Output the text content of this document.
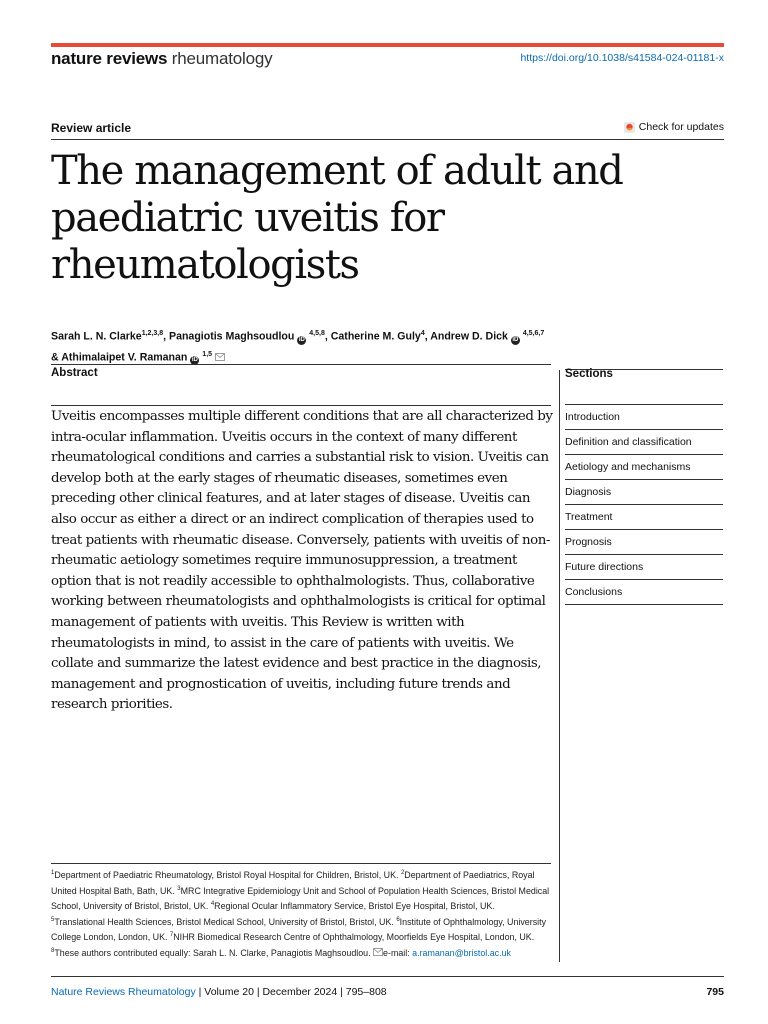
nature reviews rheumatology	https://doi.org/10.1038/s41584-024-01181-x
Review article	Check for updates
The management of adult and paediatric uveitis for rheumatologists
Sarah L. N. Clarke$^{1,2,3,8}$, Panagiotis Maghsoudlou iD $^{4,5,8}$, Catherine M. Guly$^4$, Andrew D. Dick iD $^{4,5,6,7}$
& Athimalaipet V. Ramanan iD $^{1,5}$
Abstract

Uveitis encompasses multiple different conditions that are all characterized by intra-ocular inflammation. Uveitis occurs in the context of many different rheumatological conditions and carries a substantial risk to vision. Uveitis can develop both at the early stages of rheumatic diseases, sometimes even preceding other clinical features, and at later stages of disease. Uveitis can also occur as either a direct or an indirect complication of therapies used to treat patients with rheumatic disease. Conversely, patients with uveitis of non-rheumatic aetiology sometimes require immunosuppression, a treatment option that is not readily accessible to ophthalmologists. Thus, collaborative working between rheumatologists and ophthalmologists is critical for optimal management of patients with uveitis. This Review is written with rheumatologists in mind, to assist in the care of patients with uveitis. We collate and summarize the latest evidence and best practice in the diagnosis, management and prognostication of uveitis, including future trends and research priorities.

Sections
Introduction
Definition and classification
Aetiology and mechanisms
Diagnosis
Treatment
Prognosis
Future directions
Conclusions

$^1$Department of Paediatric Rheumatology, Bristol Royal Hospital for Children, Bristol, UK. $^2$Department of Paediatrics, Royal United Hospital Bath, Bath, UK. $^3$MRC Integrative Epidemiology Unit and School of Population Health Sciences, Bristol Medical School, University of Bristol, Bristol, UK. $^4$Regional Ocular Inflammatory Service, Bristol Eye Hospital, Bristol, UK. $^5$Translational Health Sciences, Bristol Medical School, University of Bristol, Bristol, UK. $^6$Institute of Ophthalmology, University College London, London, UK. $^7$NIHR Biomedical Research Centre of Ophthalmology, Moorfields Eye Hospital, London, UK. $^8$These authors contributed equally: Sarah L. N. Clarke, Panagiotis Maghsoudlou. e-mail: a.ramanan@bristol.ac.uk

Nature Reviews Rheumatology | Volume 20 | December 2024 | 795–808	795
